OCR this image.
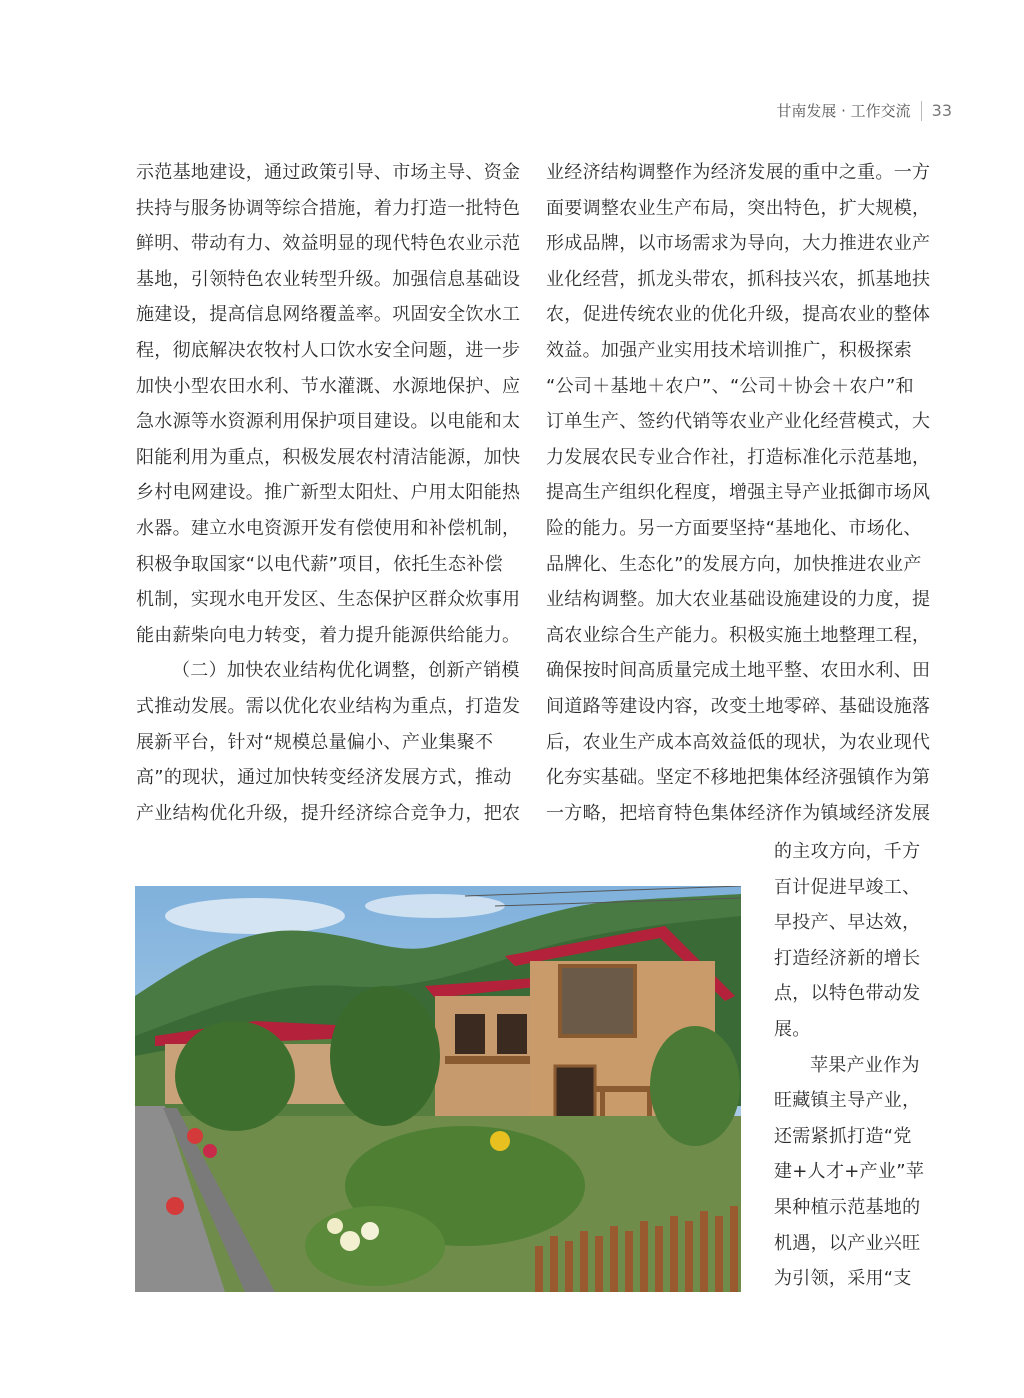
甘南发展 · 工作交流 33
示范基地建设，通过政策引导、市场主导、资金
扶持与服务协调等综合措施，着力打造一批特色
鲜明、带动有力、效益明显的现代特色农业示范
基地，引领特色农业转型升级。加强信息基础设
施建设，提高信息网络覆盖率。巩固安全饮水工
程，彻底解决农牧村人口饮水安全问题，进一步
加快小型农田水利、节水灌溉、水源地保护、应
急水源等水资源利用保护项目建设。以电能和太
阳能利用为重点，积极发展农村清洁能源，加快
乡村电网建设。推广新型太阳灶、户用太阳能热
水器。建立水电资源开发有偿使用和补偿机制，
积极争取国家“以电代薪”项目，依托生态补偿
机制，实现水电开发区、生态保护区群众炊事用
能由薪柴向电力转变，着力提升能源供给能力。
（二）加快农业结构优化调整，创新产销模
式推动发展。需以优化农业结构为重点，打造发
展新平台，针对“规模总量偏小、产业集聚不
高”的现状，通过加快转变经济发展方式，推动
产业结构优化升级，提升经济综合竞争力，把农
业经济结构调整作为经济发展的重中之重。一方
面要调整农业生产布局，突出特色，扩大规模，
形成品牌，以市场需求为导向，大力推进农业产
业化经营，抓龙头带农，抓科技兴农，抓基地扶
农，促进传统农业的优化升级，提高农业的整体
效益。加强产业实用技术培训推广，积极探索
“公司＋基地＋农户”、“公司＋协会＋农户”和
订单生产、签约代销等农业产业化经营模式，大
力发展农民专业合作社，打造标准化示范基地，
提高生产组织化程度，增强主导产业抵御市场风
险的能力。另一方面要坚持“基地化、市场化、
品牌化、生态化”的发展方向，加快推进农业产
业结构调整。加大农业基础设施建设的力度，提
高农业综合生产能力。积极实施土地整理工程，
确保按时间高质量完成土地平整、农田水利、田
间道路等建设内容，改变土地零碎、基础设施落
后，农业生产成本高效益低的现状，为农业现代
化夯实基础。坚定不移地把集体经济强镇作为第
一方略，把培育特色集体经济作为镇域经济发展
的主攻方向，千方
百计促进早竣工、
早投产、早达效，
打造经济新的增长
点，以特色带动发
展。
苹果产业作为
旺藏镇主导产业，
还需紧抓打造“党
建+人才+产业”苹
果种植示范基地的
机遇，以产业兴旺
为引领，采用“支
